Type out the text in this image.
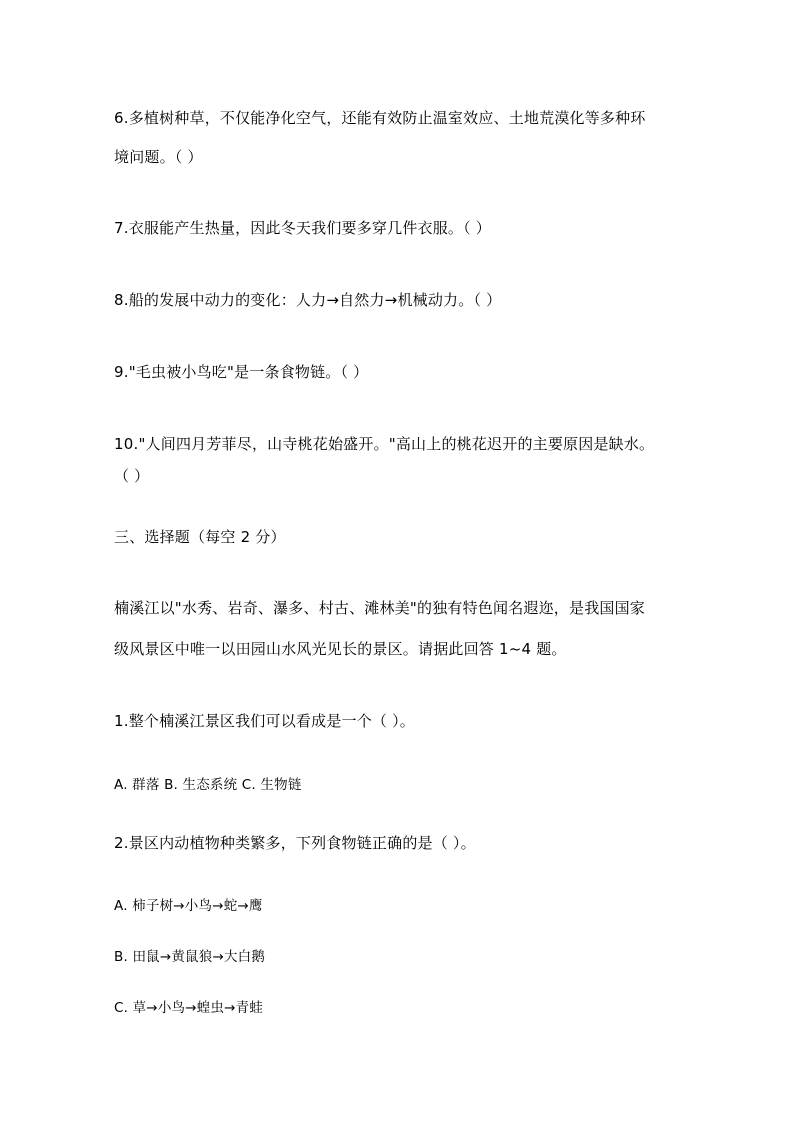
6.多植树种草，不仅能净化空气，还能有效防止温室效应、土地荒漠化等多种环
境问题。（ ）
7.衣服能产生热量，因此冬天我们要多穿几件衣服。（ ）
8.船的发展中动力的变化：人力→自然力→机械动力。（ ）
9."毛虫被小鸟吃"是一条食物链。（ ）
10."人间四月芳菲尽，山寺桃花始盛开。"高山上的桃花迟开的主要原因是缺水。
（ ）
三、选择题（每空 2 分）
楠溪江以"水秀、岩奇、瀑多、村古、滩林美"的独有特色闻名遐迩，是我国国家
级风景区中唯一以田园山水风光见长的景区。请据此回答 1~4 题。
1.整个楠溪江景区我们可以看成是一个（ ）。
A. 群落 B. 生态系统 C. 生物链
2.景区内动植物种类繁多，下列食物链正确的是（ ）。
A. 柿子树→小鸟→蛇→鹰
B. 田鼠→黄鼠狼→大白鹅
C. 草→小鸟→蝗虫→青蛙
